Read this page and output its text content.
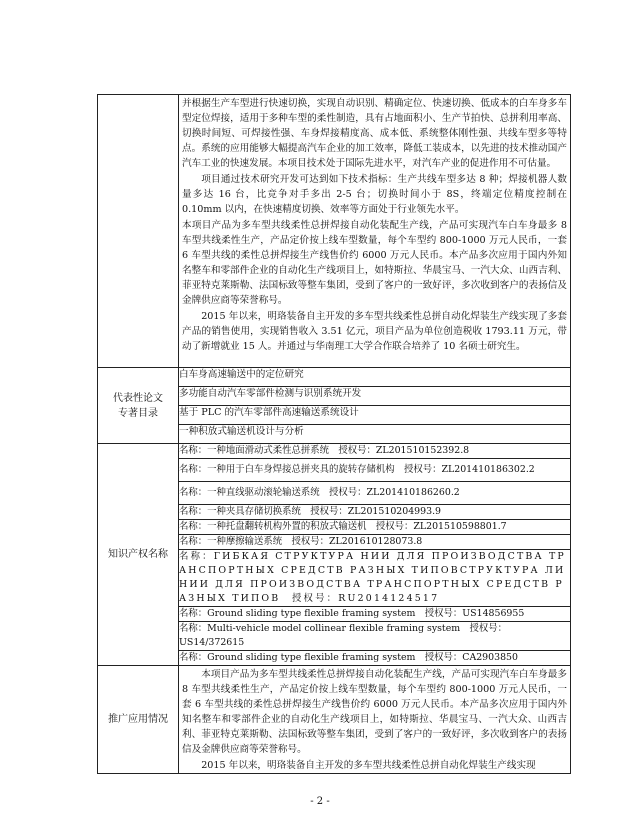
	并根据生产车型进行快速切换，实现自动识别、精确定位、快速切换、低成本的白车身多车型定位焊接，适用于多种车型的柔性制造，具有占地面积小、生产节拍快、总拼利用率高、切换时间短、可焊接性强、车身焊接精度高、成本低、系统整体刚性强、共线车型多等特点。系统的应用能够大幅提高汽车企业的加工效率，降低工装成本，以先进的技术推动国产汽车工业的快速发展。本项目技术处于国际先进水平，对汽车产业的促进作用不可估量。

项目通过技术研究开发可达到如下技术指标：生产共线车型多达 8 种；焊接机器人数量多达 16 台，比竞争对手多出 2-5 台；切换时间小于 8S，终端定位精度控制在 0.10mm 以内，在快速精度切换、效率等方面处于行业领先水平。

本项目产品为多车型共线柔性总拼焊接自动化装配生产线，产品可实现汽车白车身最多 8 车型共线柔性生产，产品定价按上线车型数量，每个车型约 800-1000 万元人民币，一套 6 车型共线的柔性总拼焊接生产线售价约 6000 万元人民币。本产品多次应用于国内外知名整车和零部件企业的自动化生产线项目上，如特斯拉、华晨宝马、一汽大众、山西吉利、菲亚特克莱斯勒、法国标致等整车集团，受到了客户的一致好评，多次收到客户的表扬信及金牌供应商等荣誉称号。

2015 年以来，明珞装备自主开发的多车型共线柔性总拼自动化焊装生产线实现了多套产品的销售使用，实现销售收入 3.51 亿元，项目产品为单位创造税收 1793.11 万元，带动了新增就业 15 人。并通过与华南理工大学合作联合培养了 10 名硕士研究生。

代表性论文
专著目录	白车身高速输送中的定位研究
	多功能自动汽车零部件检测与识别系统开发
	基于 PLC 的汽车零部件高速输送系统设计
	一种积放式输送机设计与分析
知识产权名称	名称：一种地面滑动式柔性总拼系统　授权号：ZL201510152392.8
	名称：一种用于白车身焊接总拼夹具的旋转存储机构　授权号：ZL201410186302.2
	名称：一种直线驱动滚轮输送系统　授权号：ZL201410186260.2
	名称：一种夹具存储切换系统　授权号：ZL201510204993.9
	名称：一种托盘翻转机构外置的积放式输送机　授权号：ZL201510598801.7
	名称：一种摩擦输送系统　授权号：ZL201610128073.8
	名称：ГИБКАЯ СТРУКТУРА НИИ ДЛЯ ПРОИЗВОДСТВА ТРАНСПОРТНЫХ СРЕДСТВ РАЗНЫХ ТИПОВСТРУКТУРА ЛИНИИ ДЛЯ ПРОИЗВОДСТВА ТРАНСПОРТНЫХ СРЕДСТВ РАЗНЫХ ТИПОВ　授权号：RU2014124517
	名称：Ground sliding type flexible framing system　授权号：US14856955
	名称：Multi-vehicle model collinear flexible framing system　授权号：US14/372615
	名称：Ground sliding type flexible framing system　授权号：CA2903850
推广应用情况	本项目产品为多车型共线柔性总拼焊接自动化装配生产线，产品可实现汽车白车身最多 8 车型共线柔性生产，产品定价按上线车型数量，每个车型约 800-1000 万元人民币，一套 6 车型共线的柔性总拼焊接生产线售价约 6000 万元人民币。本产品多次应用于国内外知名整车和零部件企业的自动化生产线项目上，如特斯拉、华晨宝马、一汽大众、山西吉利、菲亚特克莱斯勒、法国标致等整车集团，受到了客户的一致好评，多次收到客户的表扬信及金牌供应商等荣誉称号。

2015 年以来，明珞装备自主开发的多车型共线柔性总拼自动化焊装生产线实现

- 2 -
